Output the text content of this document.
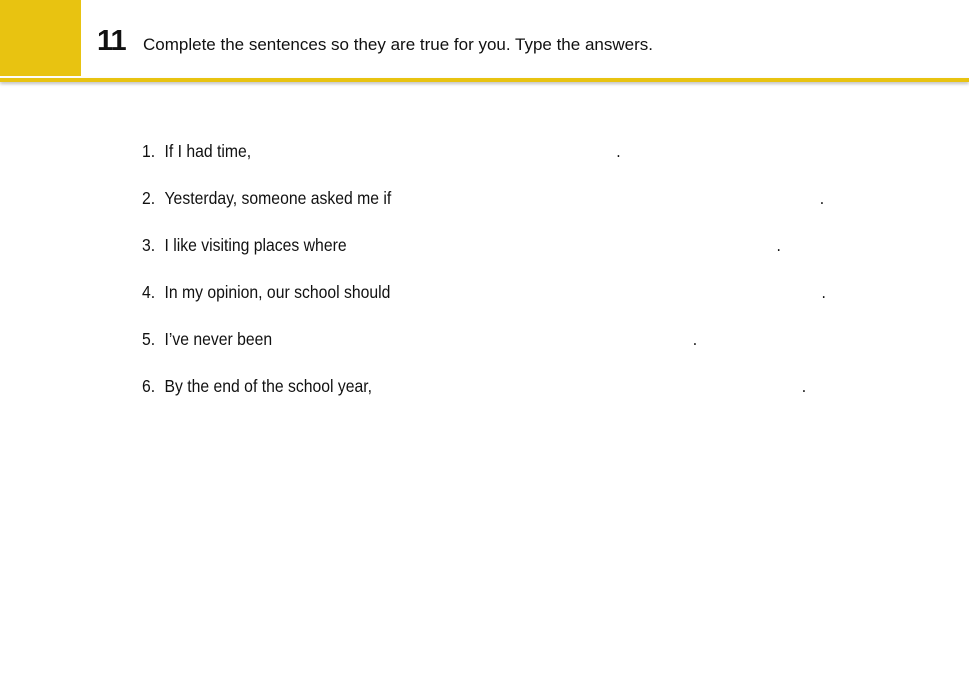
11 Complete the sentences so they are true for you. Type the answers.
1. If I had time,	.
2. Yesterday, someone asked me if	.
3. I like visiting places where	.
4. In my opinion, our school should	.
5. I’ve never been	.
6. By the end of the school year,	.
